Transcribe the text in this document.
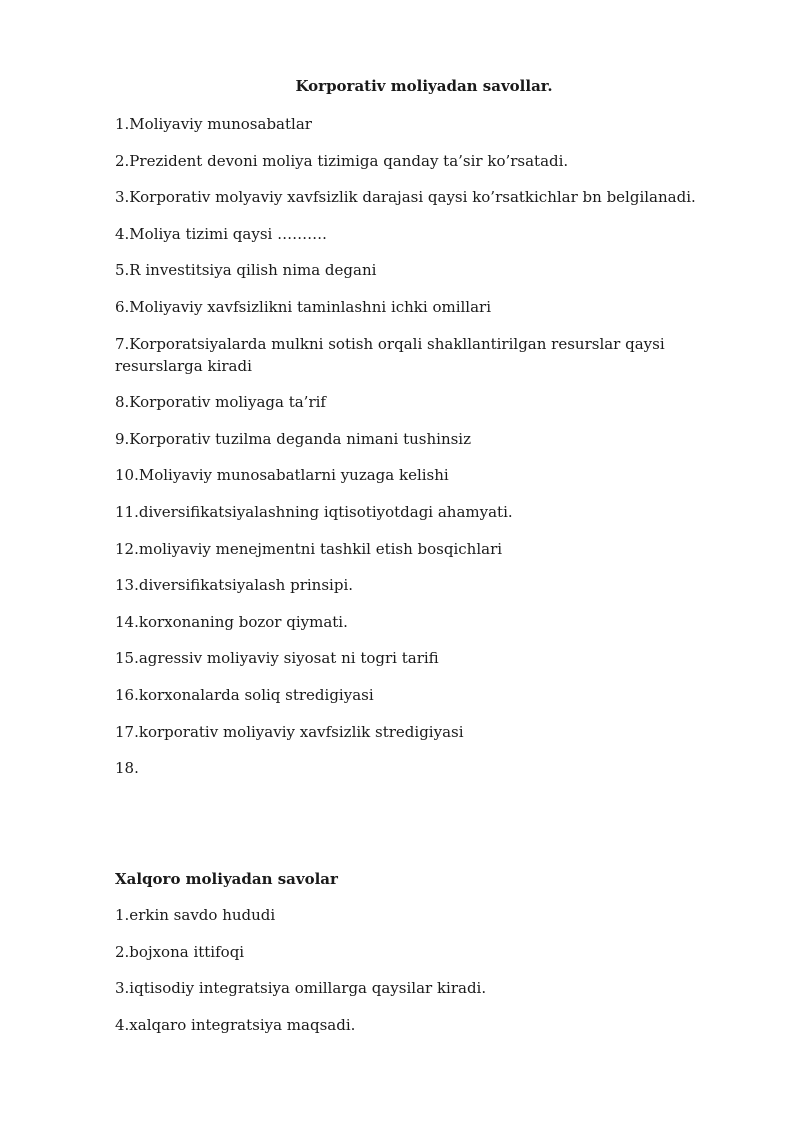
Korporativ moliyadan savollar.
1.Moliyaviy munosabatlar
2.Prezident devoni moliya tizimiga qanday ta’sir ko’rsatadi.
3.Korporativ molyaviy xavfsizlik darajasi qaysi ko’rsatkichlar bn belgilanadi.
4.Moliya tizimi qaysi ……….
5.R investitsiya qilish nima degani
6.Moliyaviy xavfsizlikni taminlashni ichki omillari
7.Korporatsiyalarda mulkni sotish orqali shakllantirilgan resurslar qaysi resurslarga kiradi
8.Korporativ moliyaga ta’rif
9.Korporativ tuzilma deganda nimani tushinsiz
10.Moliyaviy munosabatlarni yuzaga kelishi
11.diversifikatsiyalashning iqtisotiyotdagi ahamyati.
12.moliyaviy menejmentni tashkil etish bosqichlari
13.diversifikatsiyalash prinsipi.
14.korxonaning bozor qiymati.
15.agressiv moliyaviy siyosat ni togri tarifi
16.korxonalarda soliq stredigiyasi
17.korporativ moliyaviy xavfsizlik stredigiyasi
18.
Xalqoro moliyadan savolar
1.erkin savdo hududi
2.bojxona ittifoqi
3.iqtisodiy integratsiya omillarga qaysilar kiradi.
4.xalqaro integratsiya maqsadi.
